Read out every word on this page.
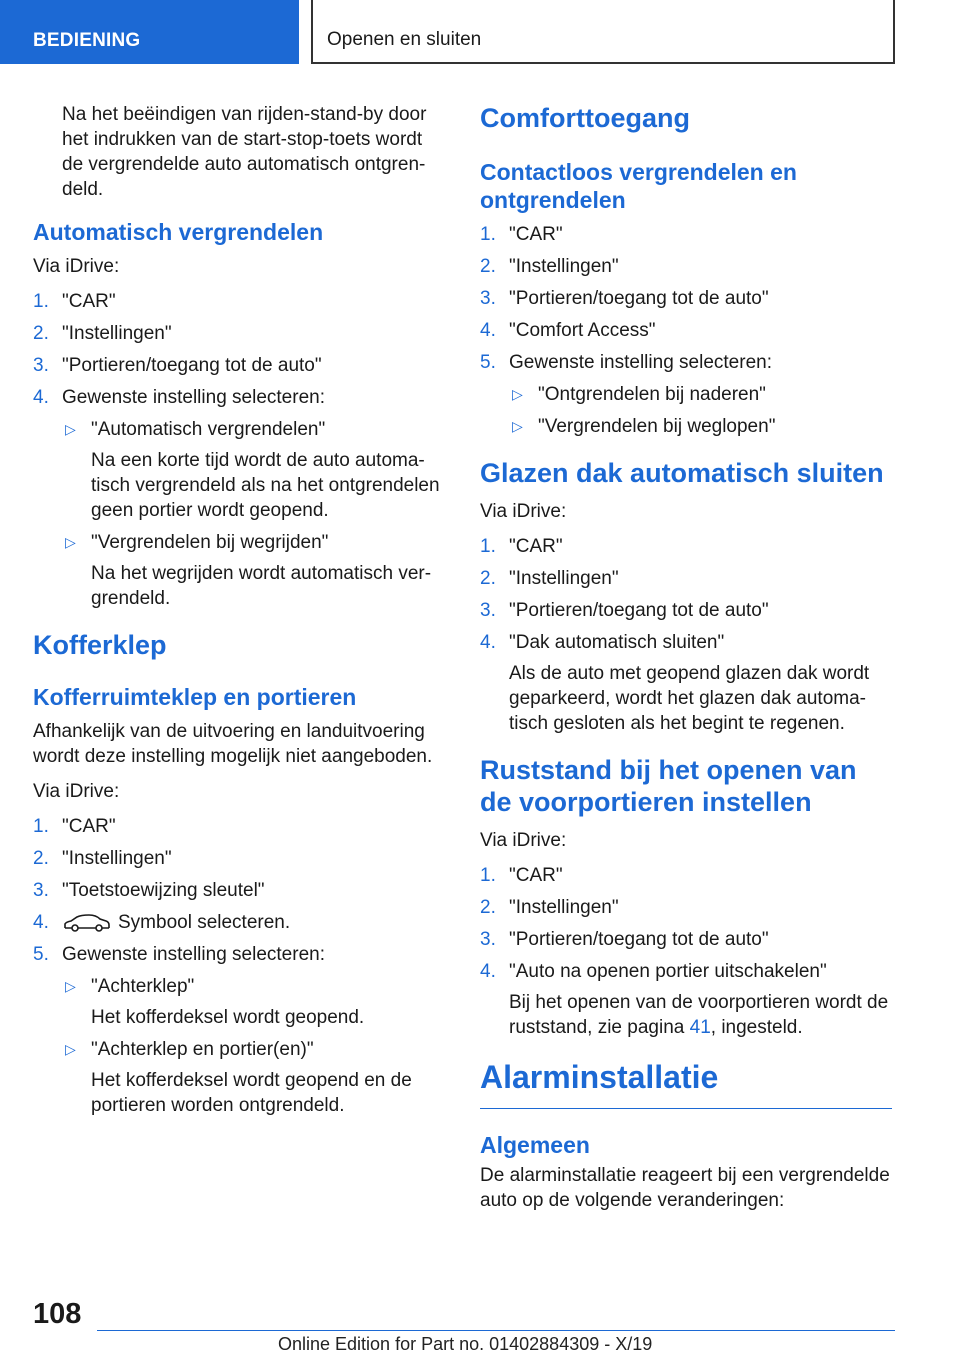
BEDIENING	Openen en sluiten

Na het beëindigen van rijden-stand-by door het indrukken van de start-stop-toets wordt de vergrendelde auto automatisch ontgren-deld.

Automatisch vergrendelen

Via iDrive:

1. "CAR"
2. "Instellingen"
3. "Portieren/toegang tot de auto"
4. Gewenste instelling selecteren:
▷ "Automatisch vergrendelen"

Na een korte tijd wordt de auto automa-tisch vergrendeld als na het ontgrendelen geen portier wordt geopend.

▷ "Vergrendelen bij wegrijden"

Na het wegrijden wordt automatisch ver-grendeld.

Kofferklep
Kofferruimteklep en portieren

Afhankelijk van de uitvoering en landuitvoering wordt deze instelling mogelijk niet aangeboden.

Via iDrive:

1. "CAR"
2. "Instellingen"
3. "Toetstoewijzing sleutel"
4.	Symbool selecteren.
5. Gewenste instelling selecteren:
▷ "Achterklep"

Het kofferdeksel wordt geopend.

▷ "Achterklep en portier(en)"

Het kofferdeksel wordt geopend en de portieren worden ontgrendeld.

Comforttoegang
Contactloos vergrendelen en ontgrendelen
1. "CAR"
2. "Instellingen"
3. "Portieren/toegang tot de auto"
4. "Comfort Access"
5. Gewenste instelling selecteren:
▷ "Ontgrendelen bij naderen"
▷ "Vergrendelen bij weglopen"
Glazen dak automatisch sluiten

Via iDrive:

1. "CAR"
2. "Instellingen"
3. "Portieren/toegang tot de auto"
4. "Dak automatisch sluiten"

Als de auto met geopend glazen dak wordt geparkeerd, wordt het glazen dak automa-tisch gesloten als het begint te regenen.

Ruststand bij het openen van de voorportieren instellen

Via iDrive:

1. "CAR"
2. "Instellingen"
3. "Portieren/toegang tot de auto"
4. "Auto na openen portier uitschakelen"

Bij het openen van de voorportieren wordt de ruststand, zie pagina 41, ingesteld.

Alarminstallatie
Algemeen

De alarminstallatie reageert bij een vergrendelde auto op de volgende veranderingen:

108
Online Edition for Part no. 01402884309 - X/19
